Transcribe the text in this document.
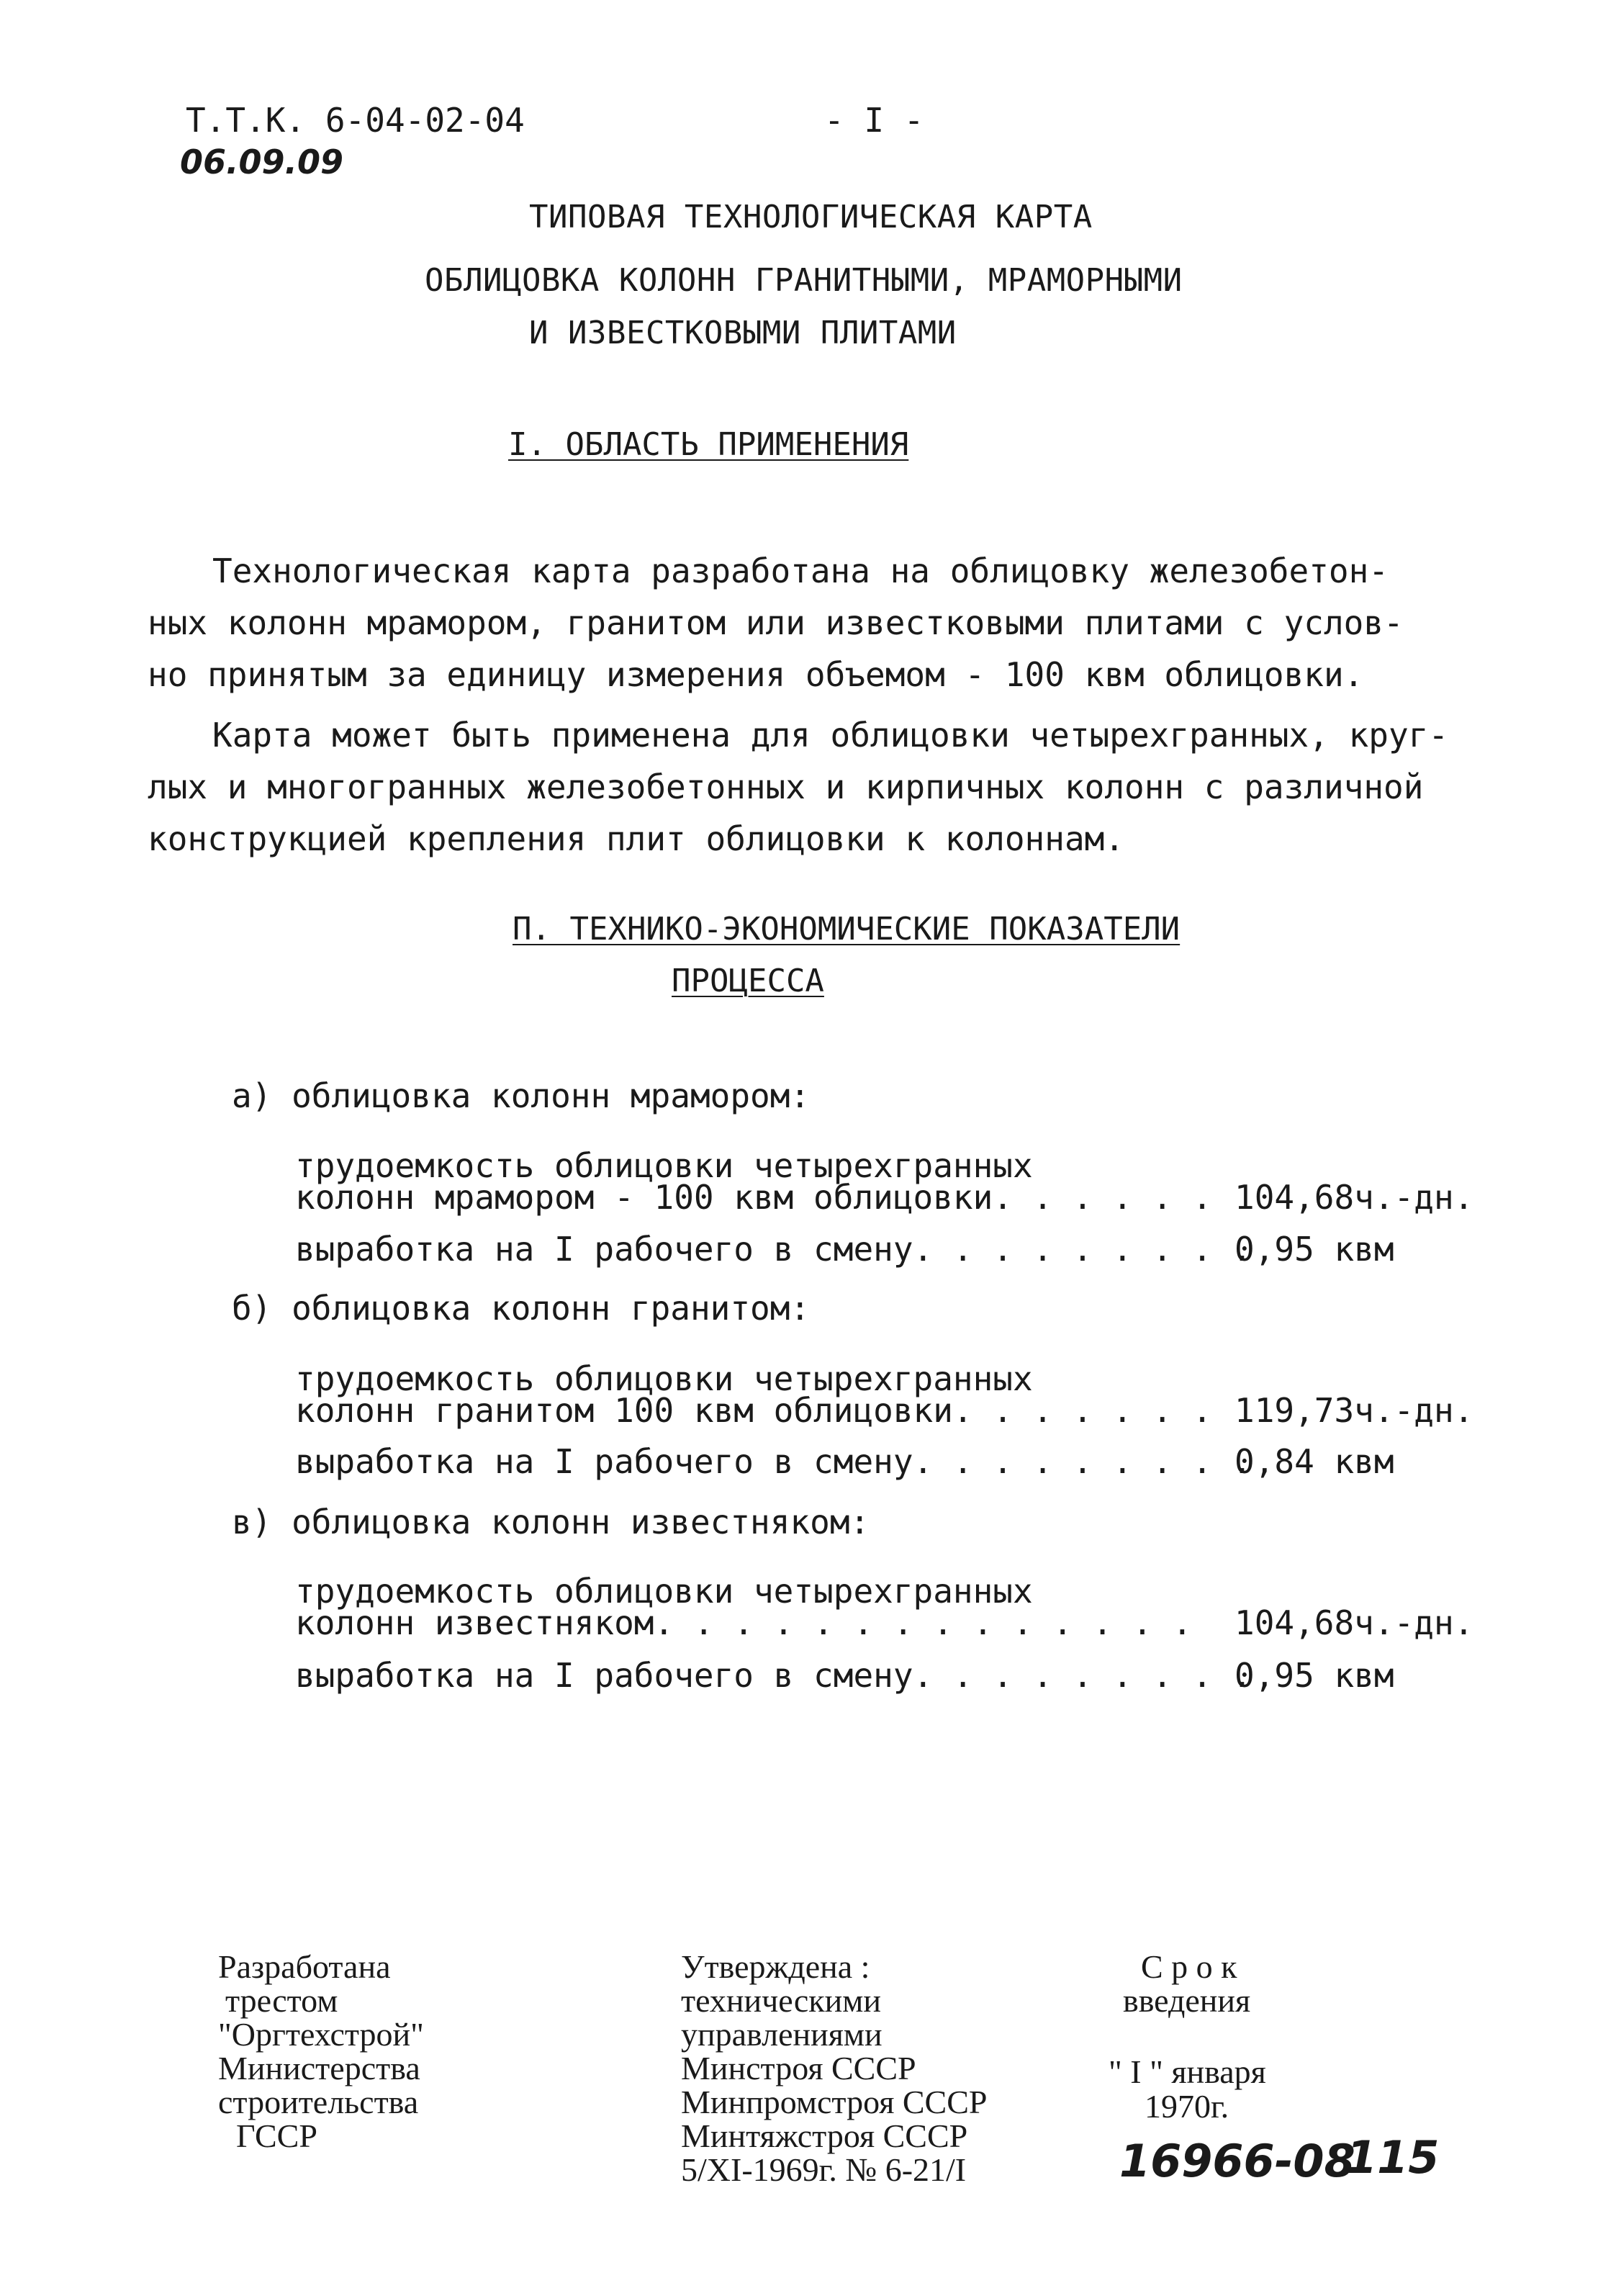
Т.Т.К. 6-04-02-04	- I -
06.09.09
ТИПОВАЯ ТЕХНОЛОГИЧЕСКАЯ КАРТА
ОБЛИЦОВКА КОЛОНН ГРАНИТНЫМИ, МРАМОРНЫМИ
И ИЗВЕСТКОВЫМИ ПЛИТАМИ
I. ОБЛАСТЬ ПРИМЕНЕНИЯ
Технологическая карта разработана на облицовку железобетон-
ных колонн мрамором, гранитом или известковыми плитами с услов-
но принятым за единицу измерения объемом - 100 квм облицовки.
Карта может быть применена для облицовки четырехгранных, круг-
лых и многогранных железобетонных и кирпичных колонн с различной
конструкцией крепления плит облицовки к колоннам.
П. ТЕХНИКО-ЭКОНОМИЧЕСКИЕ ПОКАЗАТЕЛИ
ПРОЦЕССА
а) облицовка колонн мрамором:
трудоемкость облицовки четырехгранных
колонн мрамором - 100 квм облицовки. . . . . . 104,68ч.-дн.
выработка на I рабочего в смену. . . . . . . . .
0,95 квм
б) облицовка колонн гранитом:
трудоемкость облицовки четырехгранных
колонн гранитом 100 квм облицовки. . . . . . . 119,73ч.-дн.
выработка на I рабочего в смену. . . . . . . . .
0,84 квм
в) облицовка колонн известняком:
трудоемкость облицовки четырехгранных
колонн известняком. . . . . . . . . . . . . . 104,68ч.-дн.
выработка на I рабочего в смену. . . . . . . . .
0,95 квм
Разработана
трестом
"Оргтехстрой"
Министерства
строительства
ГССР
Утверждена :
техническими
управлениями
Минстроя СССР
Минпромстроя СССР
Минтяжстроя СССР
5/XI-1969г. № 6-21/I
С р о к
введения
" I " января
1970г.
16966-08
115
